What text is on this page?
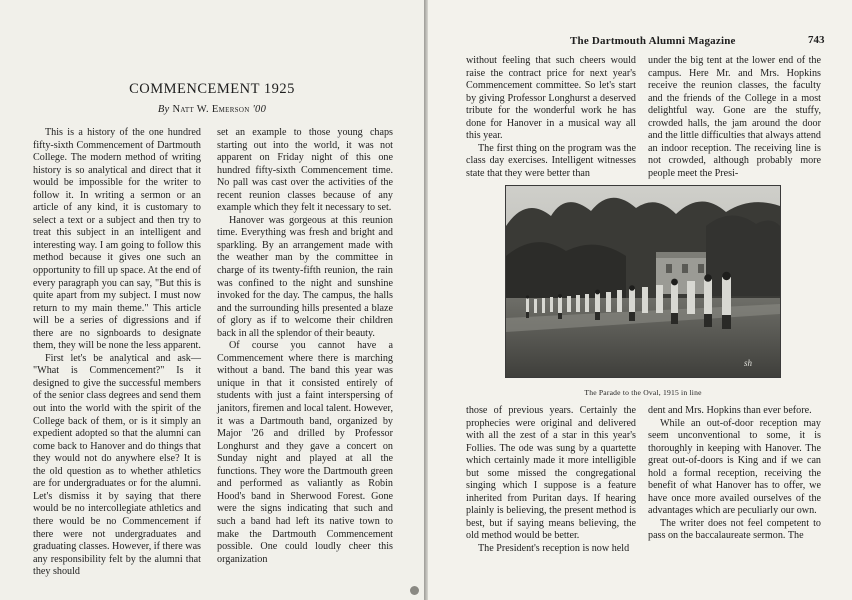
COMMENCEMENT 1925
By Natt W. Emerson '00

This is a history of the one hundred fifty-sixth Commencement of Dartmouth College. The modern method of writing history is so analytical and direct that it would be impossible for the writer to follow it. In writing a sermon or an article of any kind, it is customary to select a text or a subject and then try to treat this subject in an intelligent and interesting way. I am going to follow this method because it gives one such an opportunity to fill up space. At the end of every paragraph you can say, "But this is quite apart from my subject. I must now return to my main theme." This article will be a series of digressions and if there are no signboards to designate them, they will be none the less apparent.

First let's be analytical and ask— "What is Commencement?" Is it designed to give the successful members of the senior class degrees and send them out into the world with the spirit of the College back of them, or is it simply an expedient adopted so that the alumni can come back to Hanover and do things that they would not do anywhere else? It is the old question as to whether athletics are for undergraduates or for the alumni. Let's dismiss it by saying that there would be no intercollegiate athletics and there would be no Commencement if there were not undergraduates and graduating classes. However, if there was any responsibility felt by the alumni that they should

set an example to those young chaps starting out into the world, it was not apparent on Friday night of this one hundred fifty-sixth Commencement time. No pall was cast over the activities of the recent reunion classes because of any example which they felt it necessary to set.

Hanover was gorgeous at this reunion time. Everything was fresh and bright and sparkling. By an arrangement made with the weather man by the committee in charge of its twenty-fifth reunion, the rain was confined to the night and sunshine invoked for the day. The campus, the halls and the surrounding hills presented a blaze of glory as if to welcome their children back in all the splendor of their beauty.

Of course you cannot have a Commencement where there is marching without a band. The band this year was unique in that it consisted entirely of students with just a faint interspersing of janitors, firemen and local talent. However, it was a Dartmouth band, organized by Major '26 and drilled by Professor Longhurst and they gave a concert on Sunday night and played at all the functions. They wore the Dartmouth green and performed as valiantly as Robin Hood's band in Sherwood Forest. Gone were the signs indicating that such and such a band had left its native town to make the Dartmouth Commencement possible. One could loudly cheer this organization

The Dartmouth Alumni Magazine	743

without feeling that such cheers would raise the contract price for next year's Commencement committee. So let's start by giving Professor Longhurst a deserved tribute for the wonderful work he has done for Hanover in a musical way all this year.

The first thing on the program was the class day exercises. Intelligent witnesses state that they were better than

under the big tent at the lower end of the campus. Here Mr. and Mrs. Hopkins receive the reunion classes, the faculty and the friends of the College in a most delightful way. Gone are the stuffy, crowded halls, the jam around the door and the little difficulties that always attend an indoor reception. The receiving line is not crowded, although probably more people meet the Presi-

sh
The Parade to the Oval, 1915 in line

those of previous years. Certainly the prophecies were original and delivered with all the zest of a star in this year's Follies. The ode was sung by a quartette which certainly made it more intelligible but some missed the congregational singing which I suppose is a feature inherited from Puritan days. If hearing plainly is believing, the present method is best, but if saying means believing, the old method would be better.

The President's reception is now held

dent and Mrs. Hopkins than ever before.

While an out-of-door reception may seem unconventional to some, it is thoroughly in keeping with Hanover. The great out-of-doors is King and if we can hold a formal reception, receiving the benefit of what Hanover has to offer, we have once more availed ourselves of the advantages which are peculiarly our own.

The writer does not feel competent to pass on the baccalaureate sermon. The
